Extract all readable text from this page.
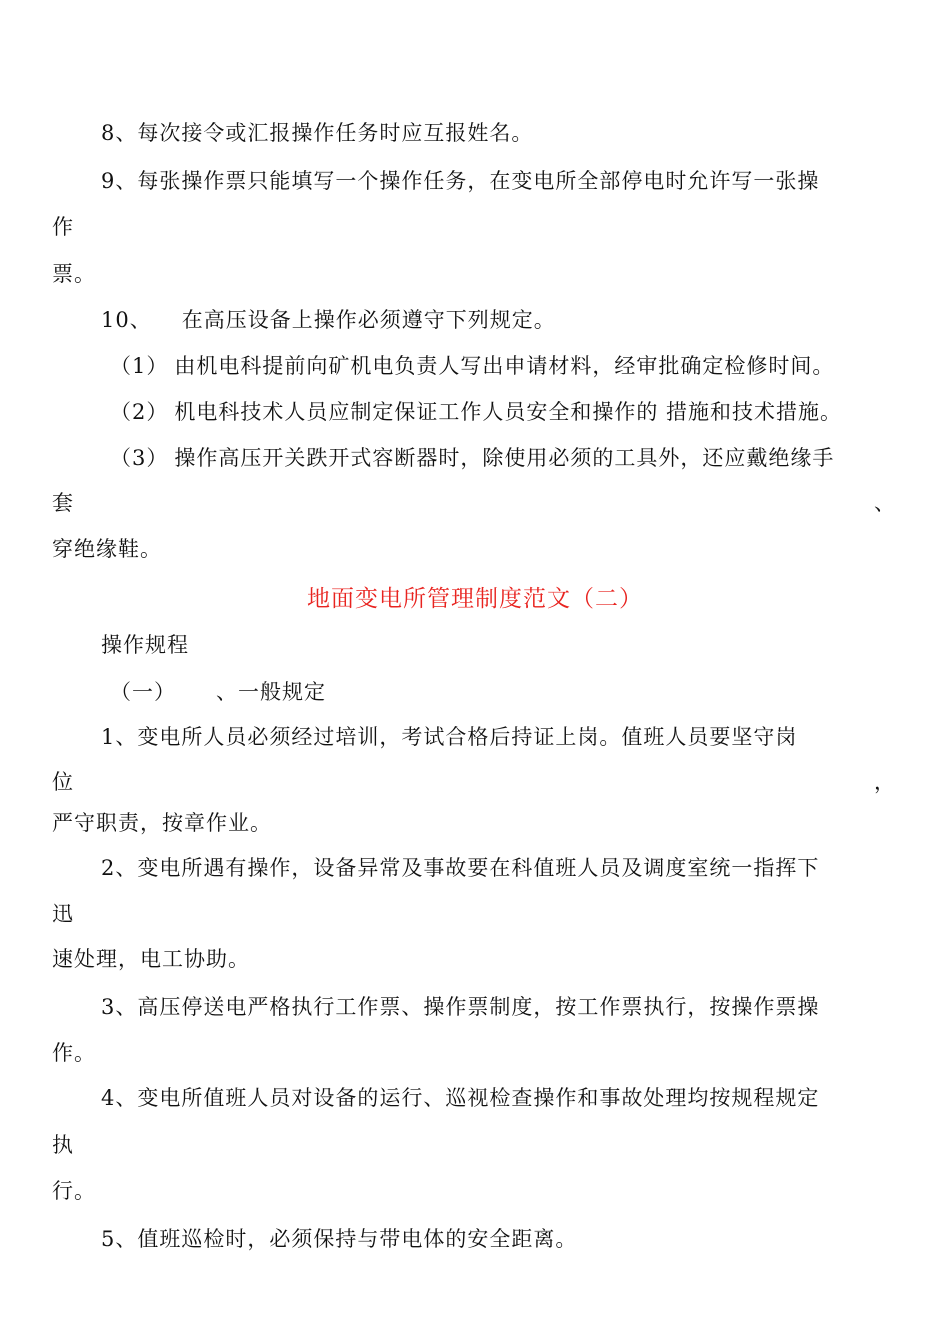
8、每次接令或汇报操作任务时应互报姓名。
9、每张操作票只能填写一个操作任务，在变电所全部停电时允许写一张操
作
票。
10、 在高压设备上操作必须遵守下列规定。
（1） 由机电科提前向矿机电负责人写出申请材料，经审批确定检修时间。
（2） 机电科技术人员应制定保证工作人员安全和操作的 措施和技术措施。
（3） 操作高压开关跌开式容断器时，除使用必须的工具外，还应戴绝缘手
套	、
穿绝缘鞋。
地面变电所管理制度范文（二）
操作规程
（一） 、一般规定
1、变电所人员必须经过培训，考试合格后持证上岗。值班人员要坚守岗
位	，
严守职责，按章作业。
2、变电所遇有操作，设备异常及事故要在科值班人员及调度室统一指挥下
迅
速处理，电工协助。
3、高压停送电严格执行工作票、操作票制度，按工作票执行，按操作票操
作。
4、变电所值班人员对设备的运行、巡视检查操作和事故处理均按规程规定
执
行。
5、值班巡检时，必须保持与带电体的安全距离。
